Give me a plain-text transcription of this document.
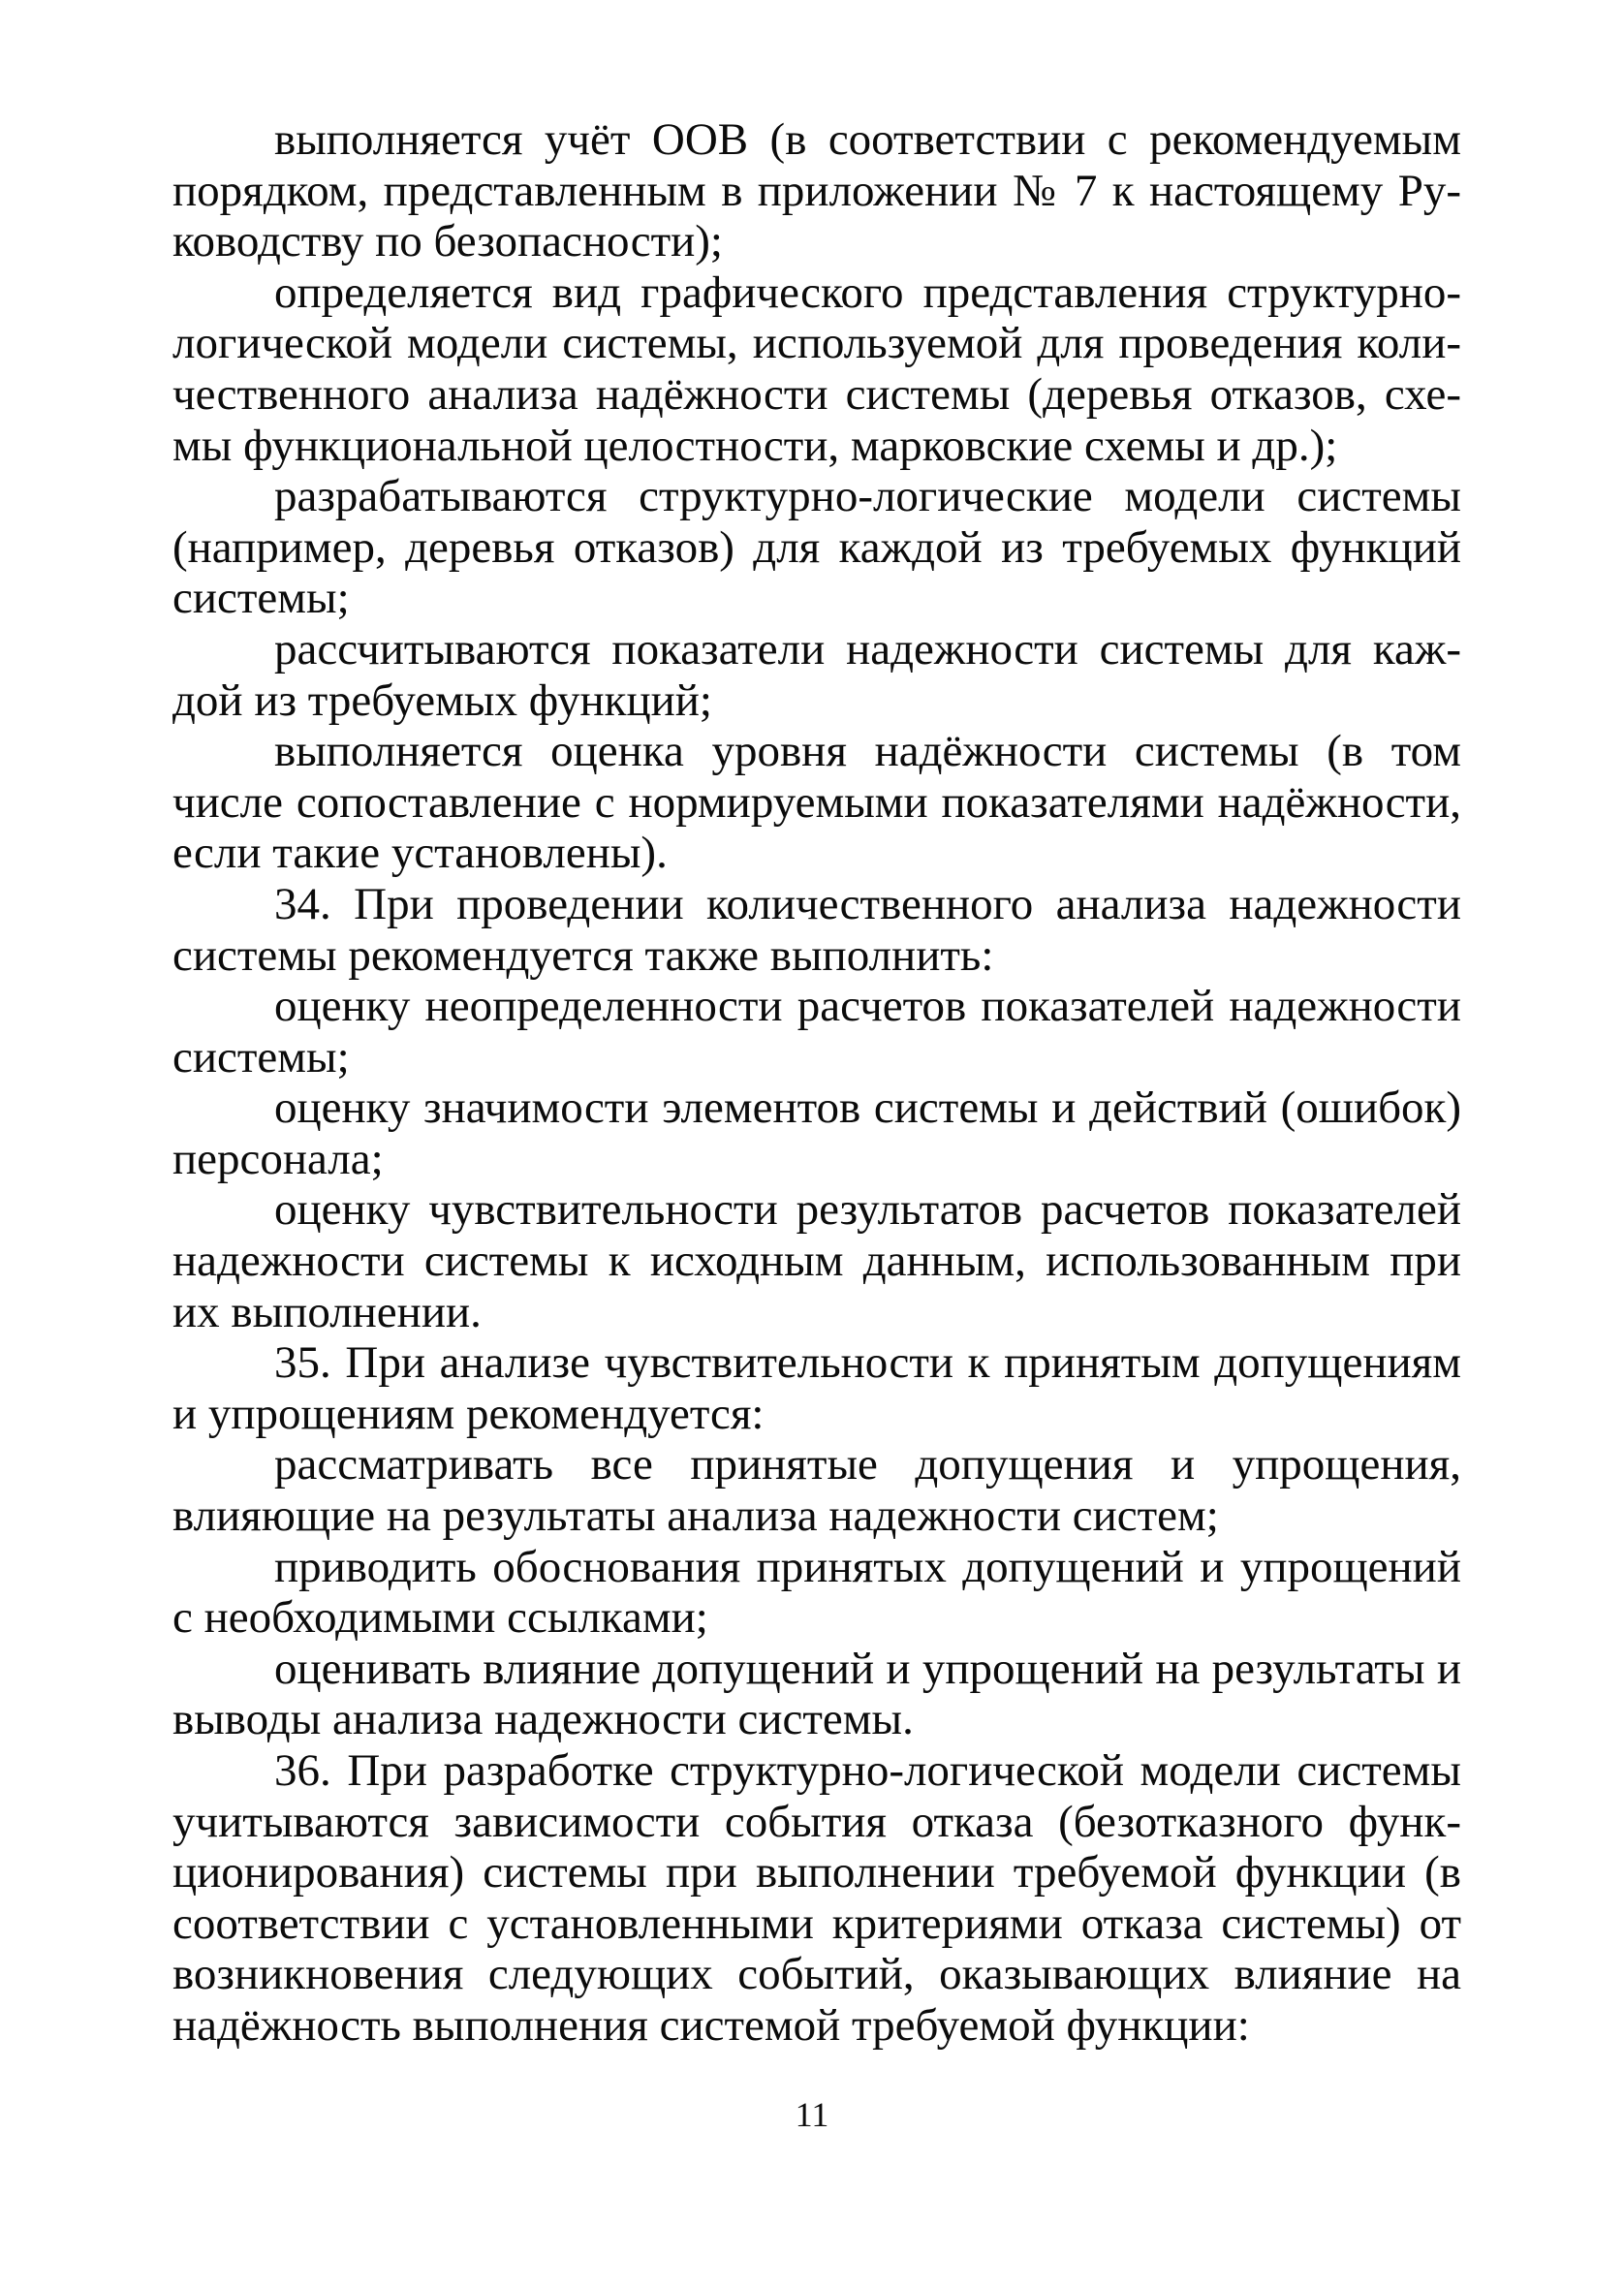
выполняется учёт ООВ (в соответствии с рекомендуемым порядком, представленным в приложении № 7 к настоящему Руководству по безопасности);

определяется вид графического представления структурнологической модели системы, используемой для проведения количественного анализа надёжности системы (деревья отказов, схемы функциональной целостности, марковские схемы и др.);

разрабатываются структурно-логические модели системы (например, деревья отказов) для каждой из требуемых функций системы;

рассчитываются показатели надежности системы для каждой из требуемых функций;

выполняется оценка уровня надёжности системы (в том числе сопоставление с нормируемыми показателями надёжности, если такие установлены).

34. При проведении количественного анализа надежности системы рекомендуется также выполнить:

оценку неопределенности расчетов показателей надежности системы;

оценку значимости элементов системы и действий (ошибок) персонала;

оценку чувствительности результатов расчетов показателей надежности системы к исходным данным, использованным при их выполнении.

35. При анализе чувствительности к принятым допущениям и упрощениям рекомендуется:

рассматривать все принятые допущения и упрощения, влияющие на результаты анализа надежности систем;

приводить обоснования принятых допущений и упрощений с необходимыми ссылками;

оценивать влияние допущений и упрощений на результаты и выводы анализа надежности системы.

36. При разработке структурно-логической модели системы учитываются зависимости события отказа (безотказного функционирования) системы при выполнении требуемой функции (в соответствии с установленными критериями отказа системы) от возникновения следующих событий, оказывающих влияние на надёжность выполнения системой требуемой функции:

11
